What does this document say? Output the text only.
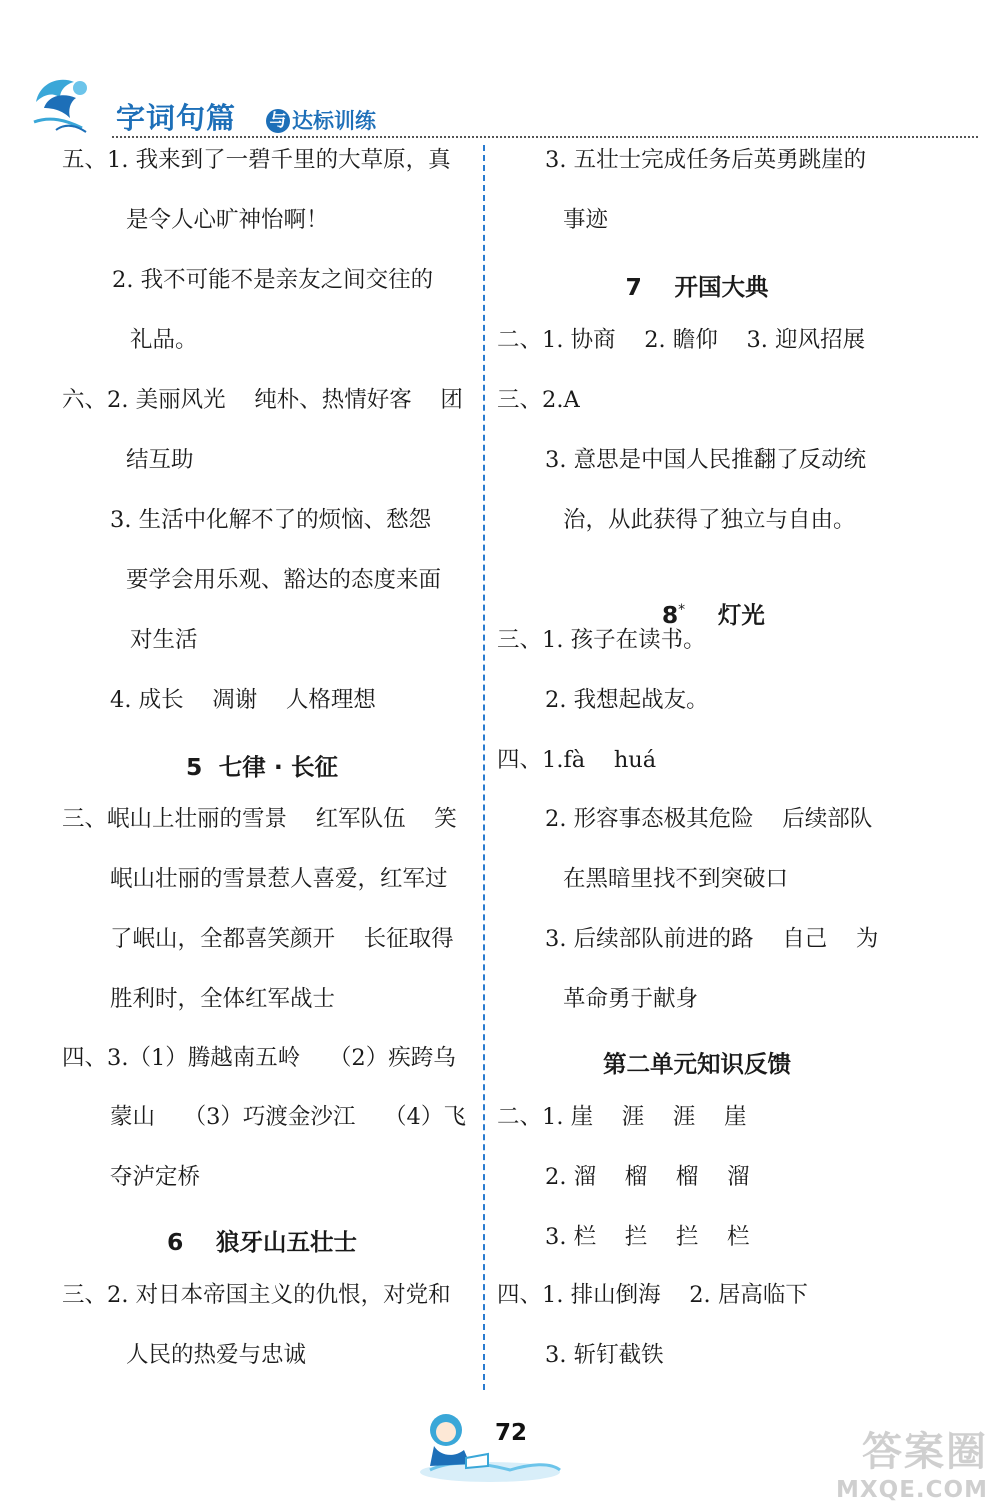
字词句篇 与 达标训练
五、1. 我来到了一碧千里的大草原，真
是令人心旷神怡啊！
2. 我不可能不是亲友之间交往的
礼品。
六、2. 美丽风光    纯朴、热情好客    团
结互助
3. 生活中化解不了的烦恼、愁怨
要学会用乐观、豁达的态度来面
对生活
4. 成长    凋谢    人格理想
5  七律 · 长征
三、岷山上壮丽的雪景    红军队伍    笑
岷山壮丽的雪景惹人喜爱，红军过
了岷山，全都喜笑颜开    长征取得
胜利时，全体红军战士
四、3.（1）腾越南五岭    （2）疾跨乌
蒙山    （3）巧渡金沙江    （4）飞
夺泸定桥
6    狼牙山五壮士
三、2. 对日本帝国主义的仇恨，对党和
人民的热爱与忠诚
3. 五壮士完成任务后英勇跳崖的
事迹
7    开国大典
二、1. 协商    2. 瞻仰    3. 迎风招展
三、2.A
3. 意思是中国人民推翻了反动统
治，从此获得了独立与自由。

8* 灯光

三、1. 孩子在读书。
2. 我想起战友。
四、1.fà    huá
2. 形容事态极其危险    后续部队
在黑暗里找不到突破口
3. 后续部队前进的路    自己    为
革命勇于献身
第二单元知识反馈
二、1. 崖    涯    涯    崖
2. 溜    榴    榴    溜
3. 栏    拦    拦    栏
四、1. 排山倒海    2. 居高临下
3. 斩钉截铁
72	答案圈
MXQE.COM
